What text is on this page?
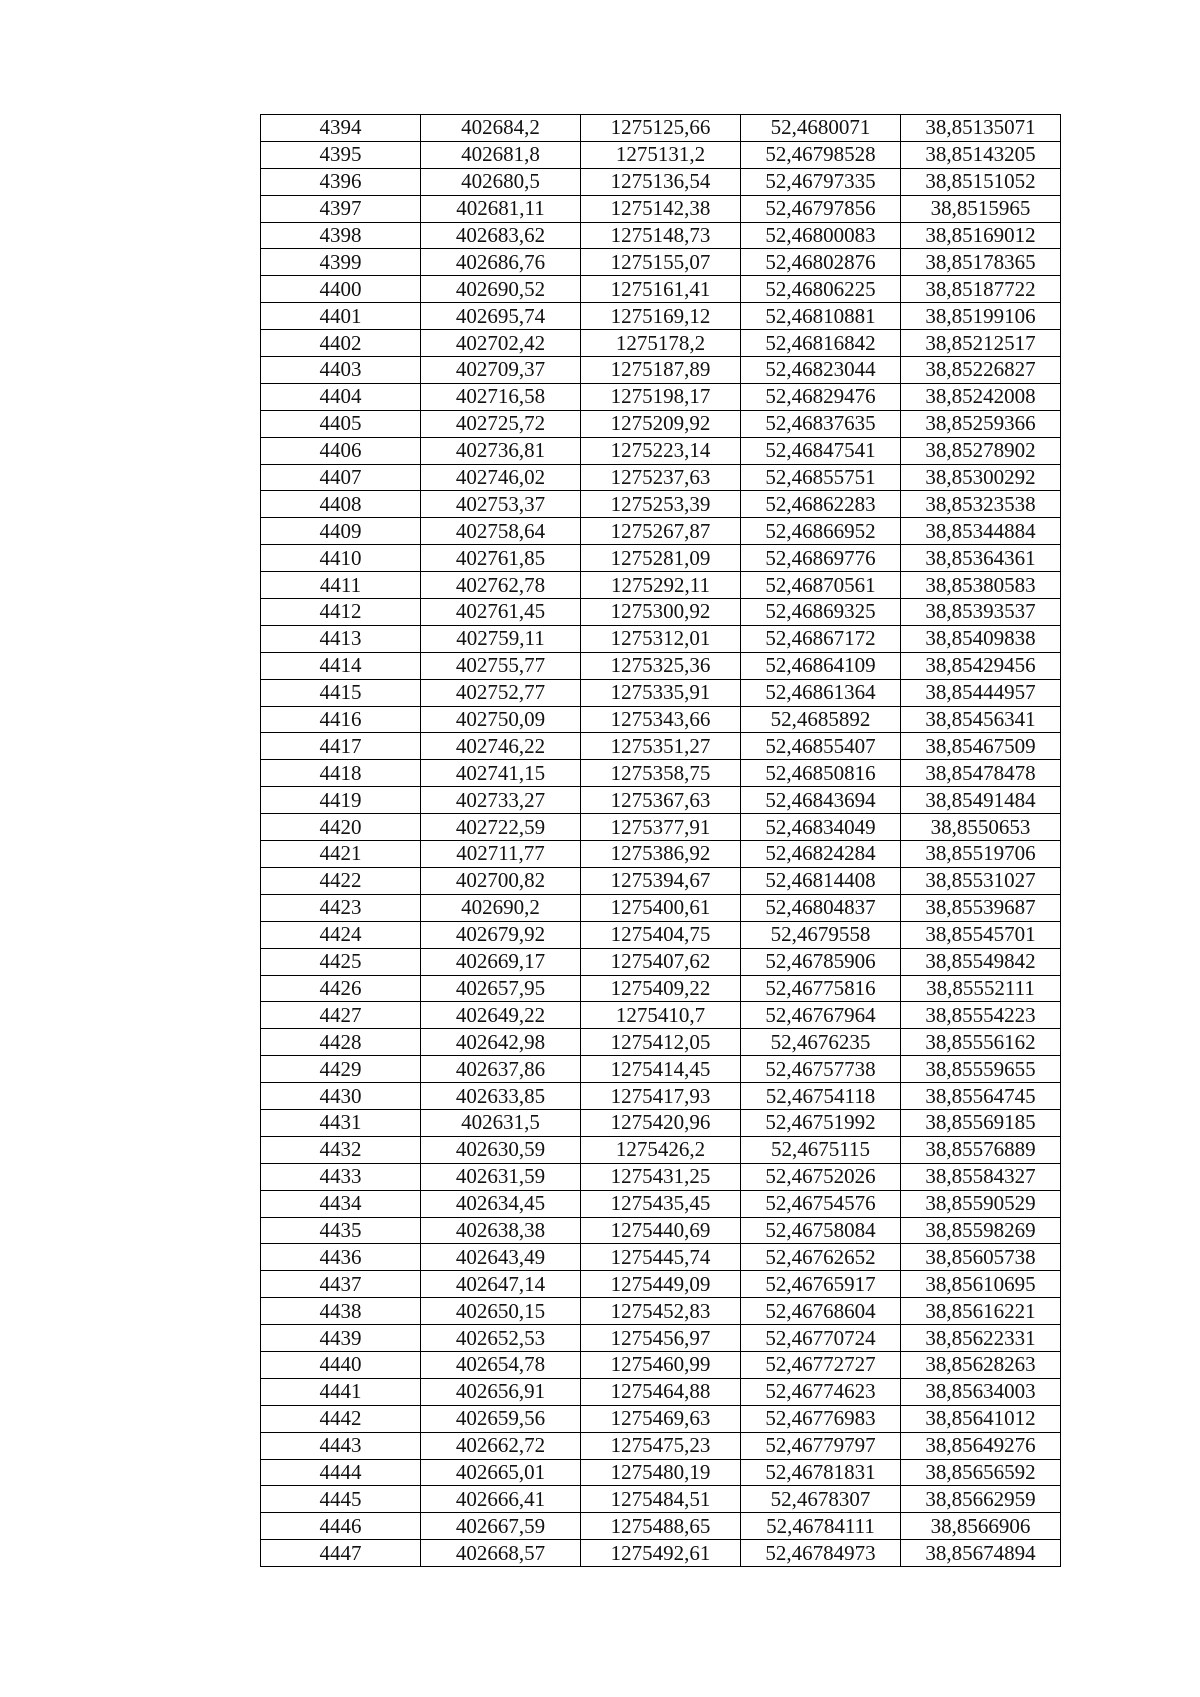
4394	402684,2	1275125,66	52,4680071	38,85135071
4395	402681,8	1275131,2	52,46798528	38,85143205
4396	402680,5	1275136,54	52,46797335	38,85151052
4397	402681,11	1275142,38	52,46797856	38,8515965
4398	402683,62	1275148,73	52,46800083	38,85169012
4399	402686,76	1275155,07	52,46802876	38,85178365
4400	402690,52	1275161,41	52,46806225	38,85187722
4401	402695,74	1275169,12	52,46810881	38,85199106
4402	402702,42	1275178,2	52,46816842	38,85212517
4403	402709,37	1275187,89	52,46823044	38,85226827
4404	402716,58	1275198,17	52,46829476	38,85242008
4405	402725,72	1275209,92	52,46837635	38,85259366
4406	402736,81	1275223,14	52,46847541	38,85278902
4407	402746,02	1275237,63	52,46855751	38,85300292
4408	402753,37	1275253,39	52,46862283	38,85323538
4409	402758,64	1275267,87	52,46866952	38,85344884
4410	402761,85	1275281,09	52,46869776	38,85364361
4411	402762,78	1275292,11	52,46870561	38,85380583
4412	402761,45	1275300,92	52,46869325	38,85393537
4413	402759,11	1275312,01	52,46867172	38,85409838
4414	402755,77	1275325,36	52,46864109	38,85429456
4415	402752,77	1275335,91	52,46861364	38,85444957
4416	402750,09	1275343,66	52,4685892	38,85456341
4417	402746,22	1275351,27	52,46855407	38,85467509
4418	402741,15	1275358,75	52,46850816	38,85478478
4419	402733,27	1275367,63	52,46843694	38,85491484
4420	402722,59	1275377,91	52,46834049	38,8550653
4421	402711,77	1275386,92	52,46824284	38,85519706
4422	402700,82	1275394,67	52,46814408	38,85531027
4423	402690,2	1275400,61	52,46804837	38,85539687
4424	402679,92	1275404,75	52,4679558	38,85545701
4425	402669,17	1275407,62	52,46785906	38,85549842
4426	402657,95	1275409,22	52,46775816	38,85552111
4427	402649,22	1275410,7	52,46767964	38,85554223
4428	402642,98	1275412,05	52,4676235	38,85556162
4429	402637,86	1275414,45	52,46757738	38,85559655
4430	402633,85	1275417,93	52,46754118	38,85564745
4431	402631,5	1275420,96	52,46751992	38,85569185
4432	402630,59	1275426,2	52,4675115	38,85576889
4433	402631,59	1275431,25	52,46752026	38,85584327
4434	402634,45	1275435,45	52,46754576	38,85590529
4435	402638,38	1275440,69	52,46758084	38,85598269
4436	402643,49	1275445,74	52,46762652	38,85605738
4437	402647,14	1275449,09	52,46765917	38,85610695
4438	402650,15	1275452,83	52,46768604	38,85616221
4439	402652,53	1275456,97	52,46770724	38,85622331
4440	402654,78	1275460,99	52,46772727	38,85628263
4441	402656,91	1275464,88	52,46774623	38,85634003
4442	402659,56	1275469,63	52,46776983	38,85641012
4443	402662,72	1275475,23	52,46779797	38,85649276
4444	402665,01	1275480,19	52,46781831	38,85656592
4445	402666,41	1275484,51	52,4678307	38,85662959
4446	402667,59	1275488,65	52,46784111	38,8566906
4447	402668,57	1275492,61	52,46784973	38,85674894
